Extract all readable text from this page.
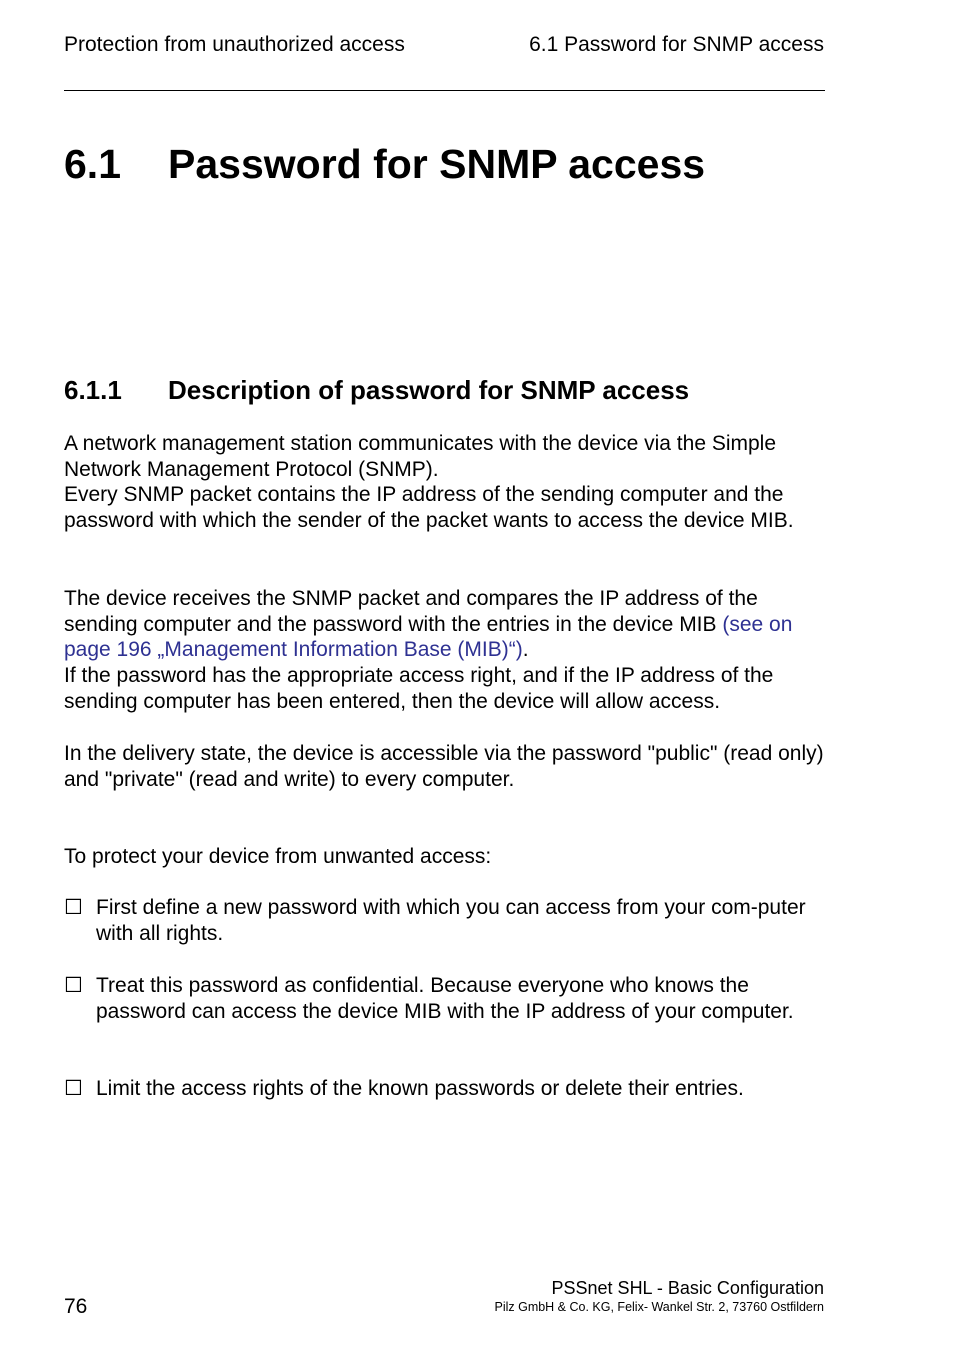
Protection from unauthorized access	6.1 Password for SNMP access
6.1 Password for SNMP access
6.1.1 Description of password for SNMP access
A network management station communicates with the device via the Simple Network Management Protocol (SNMP).
Every SNMP packet contains the IP address of the sending computer and the password with which the sender of the packet wants to access the device MIB.
The device receives the SNMP packet and compares the IP address of the sending computer and the password with the entries in the device MIB (see on page 196 „Management Information Base (MIB)“).
If the password has the appropriate access right, and if the IP address of the sending computer has been entered, then the device will allow access.
In the delivery state, the device is accessible via the password "public" (read only) and "private" (read and write) to every computer.
To protect your device from unwanted access:
☐ First define a new password with which you can access from your com-puter with all rights.
☐ Treat this password as confidential. Because everyone who knows the password can access the device MIB with the IP address of your computer.
☐ Limit the access rights of the known passwords or delete their entries.
76
PSSnet SHL - Basic Configuration
Pilz GmbH & Co. KG, Felix- Wankel Str. 2, 73760 Ostfildern
